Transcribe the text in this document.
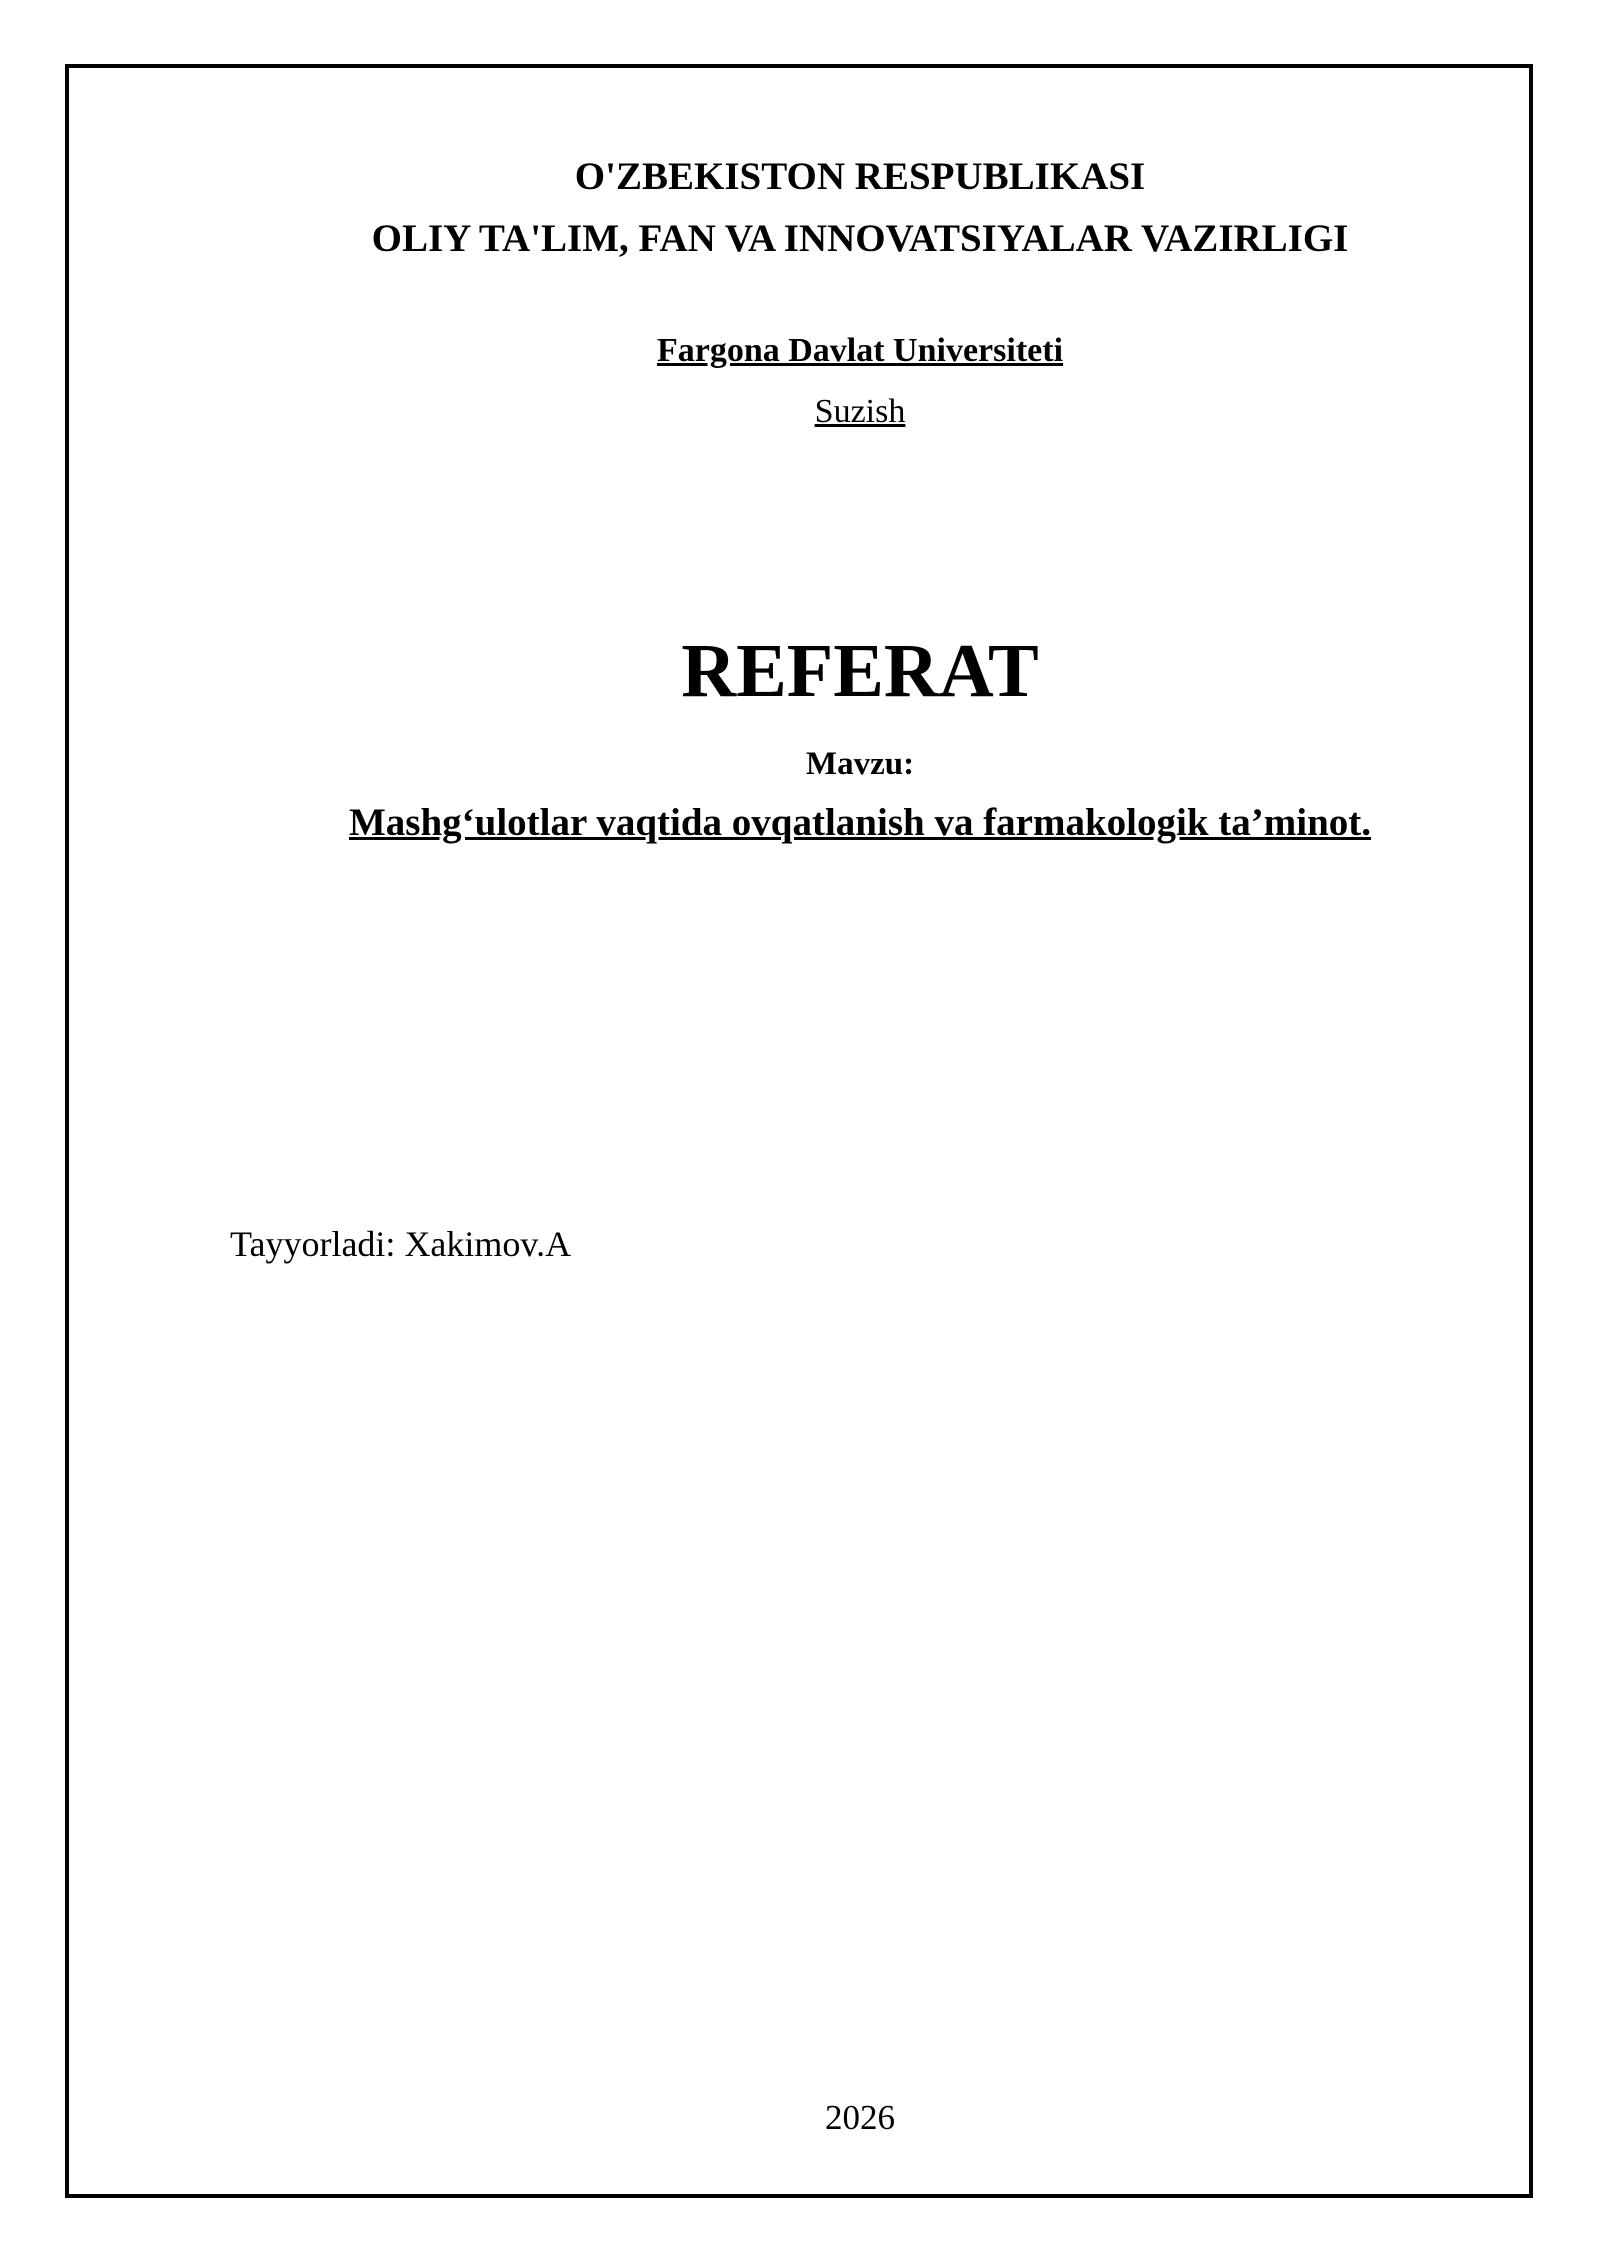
O'ZBEKISTON RESPUBLIKASI
OLIY TA'LIM, FAN VA INNOVATSIYALAR VAZIRLIGI
Fargona Davlat Universiteti
Suzish
REFERAT
Mavzu:
Mashg‘ulotlar vaqtida ovqatlanish va farmakologik ta’minot.
Tayyorladi: Xakimov.A
2026
